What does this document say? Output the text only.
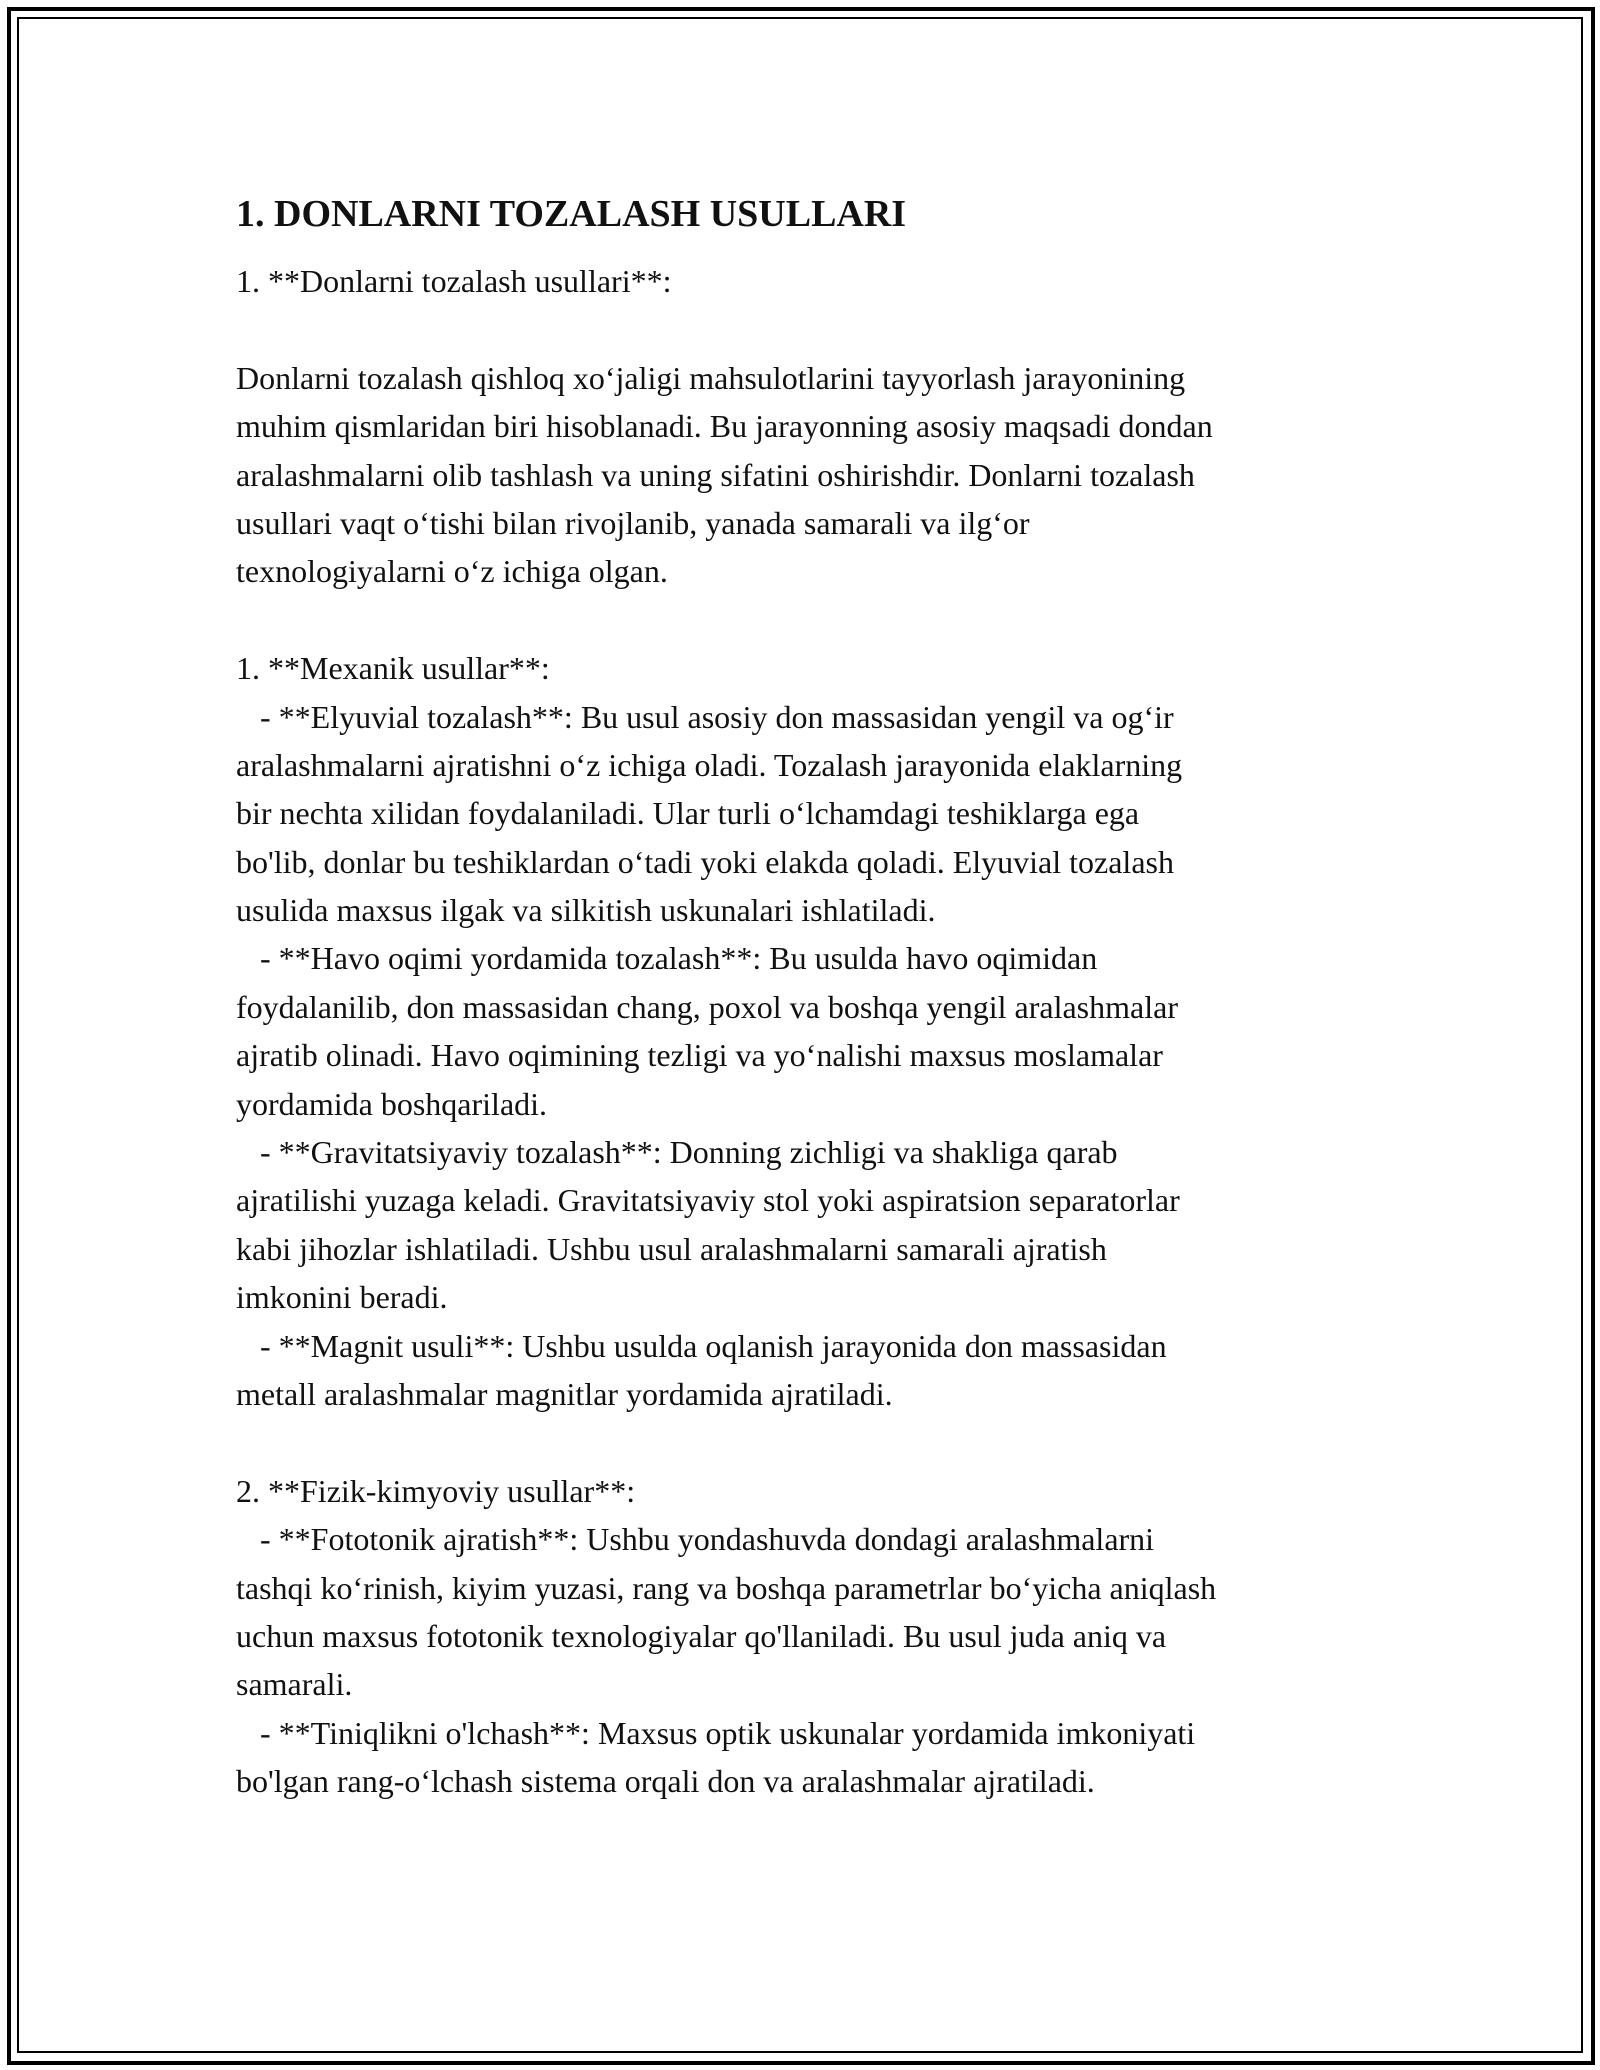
1. DONLARNI TOZALASH USULLARI
1. **Donlarni tozalash usullari**:
Donlarni tozalash qishloq xoʻjaligi mahsulotlarini tayyorlash jarayonining
muhim qismlaridan biri hisoblanadi. Bu jarayonning asosiy maqsadi dondan
aralashmalarni olib tashlash va uning sifatini oshirishdir. Donlarni tozalash
usullari vaqt oʻtishi bilan rivojlanib, yanada samarali va ilgʻor
texnologiyalarni oʻz ichiga olgan.
1. **Mexanik usullar**:
- **Elyuvial tozalash**: Bu usul asosiy don massasidan yengil va ogʻir
aralashmalarni ajratishni oʻz ichiga oladi. Tozalash jarayonida elaklarning
bir nechta xilidan foydalaniladi. Ular turli oʻlchamdagi teshiklarga ega
bo'lib, donlar bu teshiklardan oʻtadi yoki elakda qoladi. Elyuvial tozalash
usulida maxsus ilgak va silkitish uskunalari ishlatiladi.
- **Havo oqimi yordamida tozalash**: Bu usulda havo oqimidan
foydalanilib, don massasidan chang, poxol va boshqa yengil aralashmalar
ajratib olinadi. Havo oqimining tezligi va yoʻnalishi maxsus moslamalar
yordamida boshqariladi.
- **Gravitatsiyaviy tozalash**: Donning zichligi va shakliga qarab
ajratilishi yuzaga keladi. Gravitatsiyaviy stol yoki aspiratsion separatorlar
kabi jihozlar ishlatiladi. Ushbu usul aralashmalarni samarali ajratish
imkonini beradi.
- **Magnit usuli**: Ushbu usulda oqlanish jarayonida don massasidan
metall aralashmalar magnitlar yordamida ajratiladi.
2. **Fizik-kimyoviy usullar**:
- **Fototonik ajratish**: Ushbu yondashuvda dondagi aralashmalarni
tashqi koʻrinish, kiyim yuzasi, rang va boshqa parametrlar boʻyicha aniqlash
uchun maxsus fototonik texnologiyalar qo'llaniladi. Bu usul juda aniq va
samarali.
- **Tiniqlikni o'lchash**: Maxsus optik uskunalar yordamida imkoniyati
bo'lgan rang-oʻlchash sistema orqali don va aralashmalar ajratiladi.
